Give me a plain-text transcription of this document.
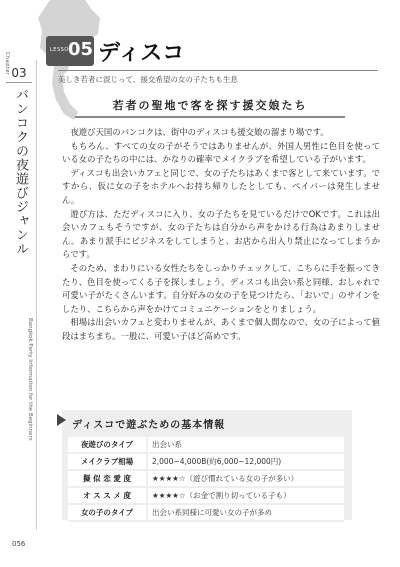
Chapter 03
バンコクの夜遊びジャンル
Bangkok Party Information for the Beginners
056
LESSON
05 ディスコ
美しき若者に混じって、援交希望の女の子たちも生息
若者の聖地で客を探す援交娘たち

夜遊び天国のバンコクは、街中のディスコも援交娘の溜まり場です。

もちろん、すべての女の子がそうではありませんが、外国人男性に色目を使っている女の子たちの中には、かなりの確率でメイクラブを希望している子がいます。

ディスコも出会いカフェと同じで、女の子たちはあくまで客として来ています。ですから、仮に女の子をホテルへお持ち帰りしたとしても、ペイバーは発生しません。

遊び方は、ただディスコに入り、女の子たちを見ているだけでOKです。これは出会いカフェもそうですが、女の子たちは自分から声をかける行為はあまりしません。あまり派手にビジネスをしてしまうと、お店から出入り禁止になってしまうからです。

そのため、まわりにいる女性たちをしっかりチェックして、こちらに手を振ってきたり、色目を使ってくる子を探しましょう。ディスコも出会い系と同様、おしゃれで可愛い子がたくさんいます。自分好みの女の子を見つけたら、「おいで」のサインをしたり、こちらから声をかけてコミュニケーションをとりましょう。

相場は出会いカフェと変わりませんが、あくまで個人間なので、女の子によって値段はまちまち。一般に、可愛い子ほど高めです。

ディスコで遊ぶための基本情報
夜遊びのタイプ	出会い系
メイクラブ相場	2,000~4,000B(約6,000~12,000円)
擬 似 恋 愛 度	★★★★☆（遊び慣れている女の子が多い）
オ ス ス メ 度	★★★★☆（お金で割り切っている子も）
女の子のタイプ	出会い系同様に可愛い女の子が多め
